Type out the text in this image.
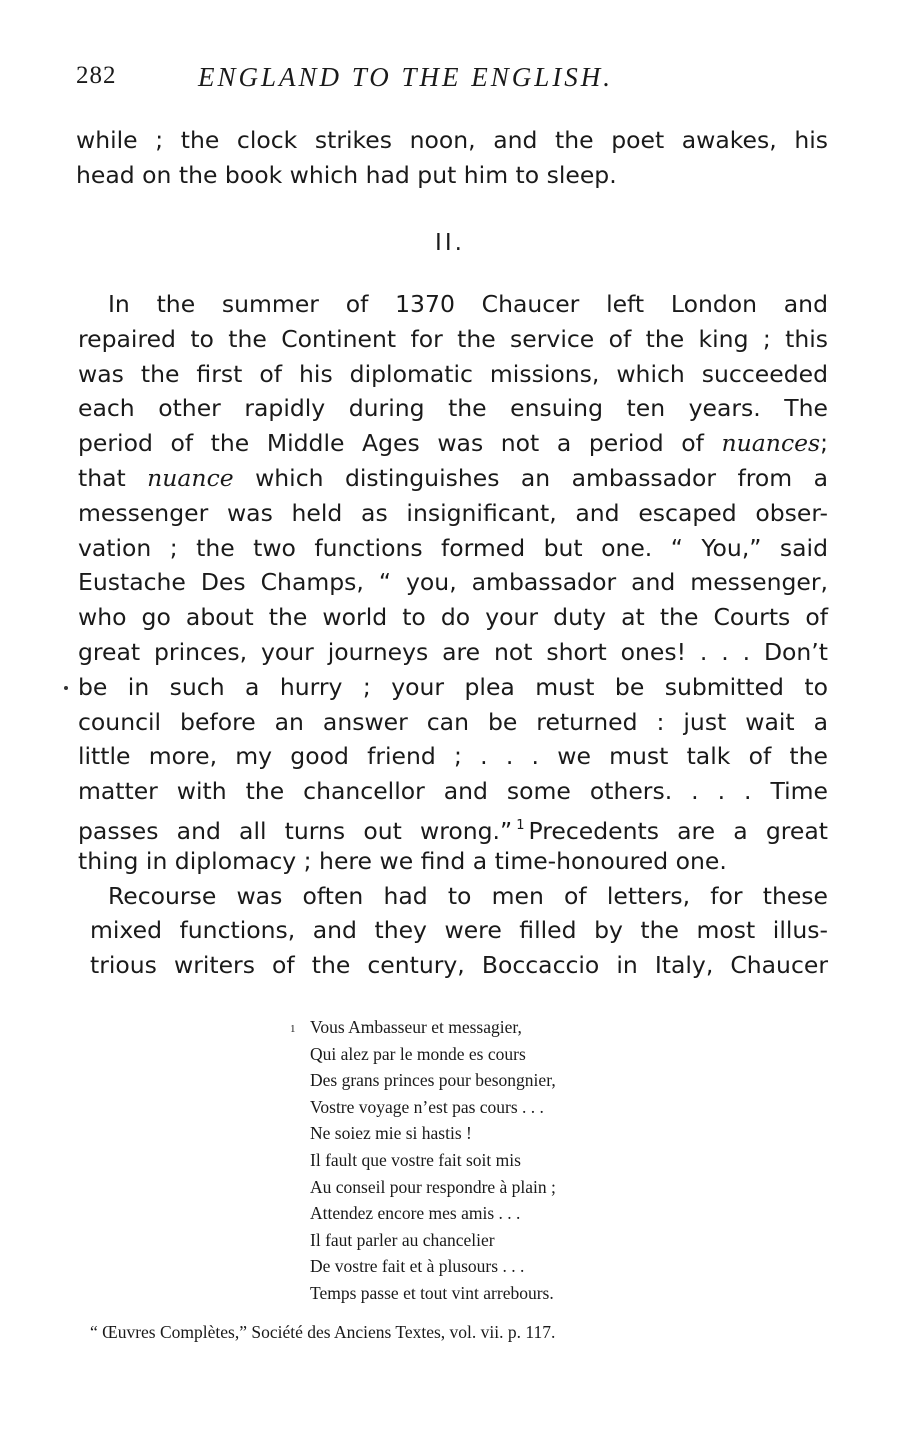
282	ENGLAND TO THE ENGLISH.
while ; the clock strikes noon, and the poet awakes, his
head on the book which had put him to sleep.
II.
In the summer of 1370 Chaucer left London and
repaired to the Continent for the service of the king ; this
was the first of his diplomatic missions, which succeeded
each other rapidly during the ensuing ten years. The
period of the Middle Ages was not a period of nuances;
that nuance which distinguishes an ambassador from a
messenger was held as insignificant, and escaped obser-
vation ; the two functions formed but one. “ You,” said
Eustache Des Champs, “ you, ambassador and messenger,
who go about the world to do your duty at the Courts of
great princes, your journeys are not short ones! . . . Don’t
be in such a hurry ; your plea must be submitted to
council before an answer can be returned : just wait a
little more, my good friend ; . . . we must talk of the
matter with the chancellor and some others. . . . Time
passes and all turns out wrong.” $^1$ Precedents are a great
thing in diplomacy ; here we find a time-honoured one.
Recourse was often had to men of letters, for these
mixed functions, and they were filled by the most illus-
trious writers of the century, Boccaccio in Italy, Chaucer
1 Vous Ambasseur et messagier,
Qui alez par le monde es cours
Des grans princes pour besongnier,
Vostre voyage n’est pas cours . . .
Ne soiez mie si hastis !
Il fault que vostre fait soit mis
Au conseil pour respondre à plain ;
Attendez encore mes amis . . .
Il faut parler au chancelier
De vostre fait et à plusours . . .
Temps passe et tout vint arrebours.
“ Œuvres Complètes,” Société des Anciens Textes, vol. vii. p. 117.
